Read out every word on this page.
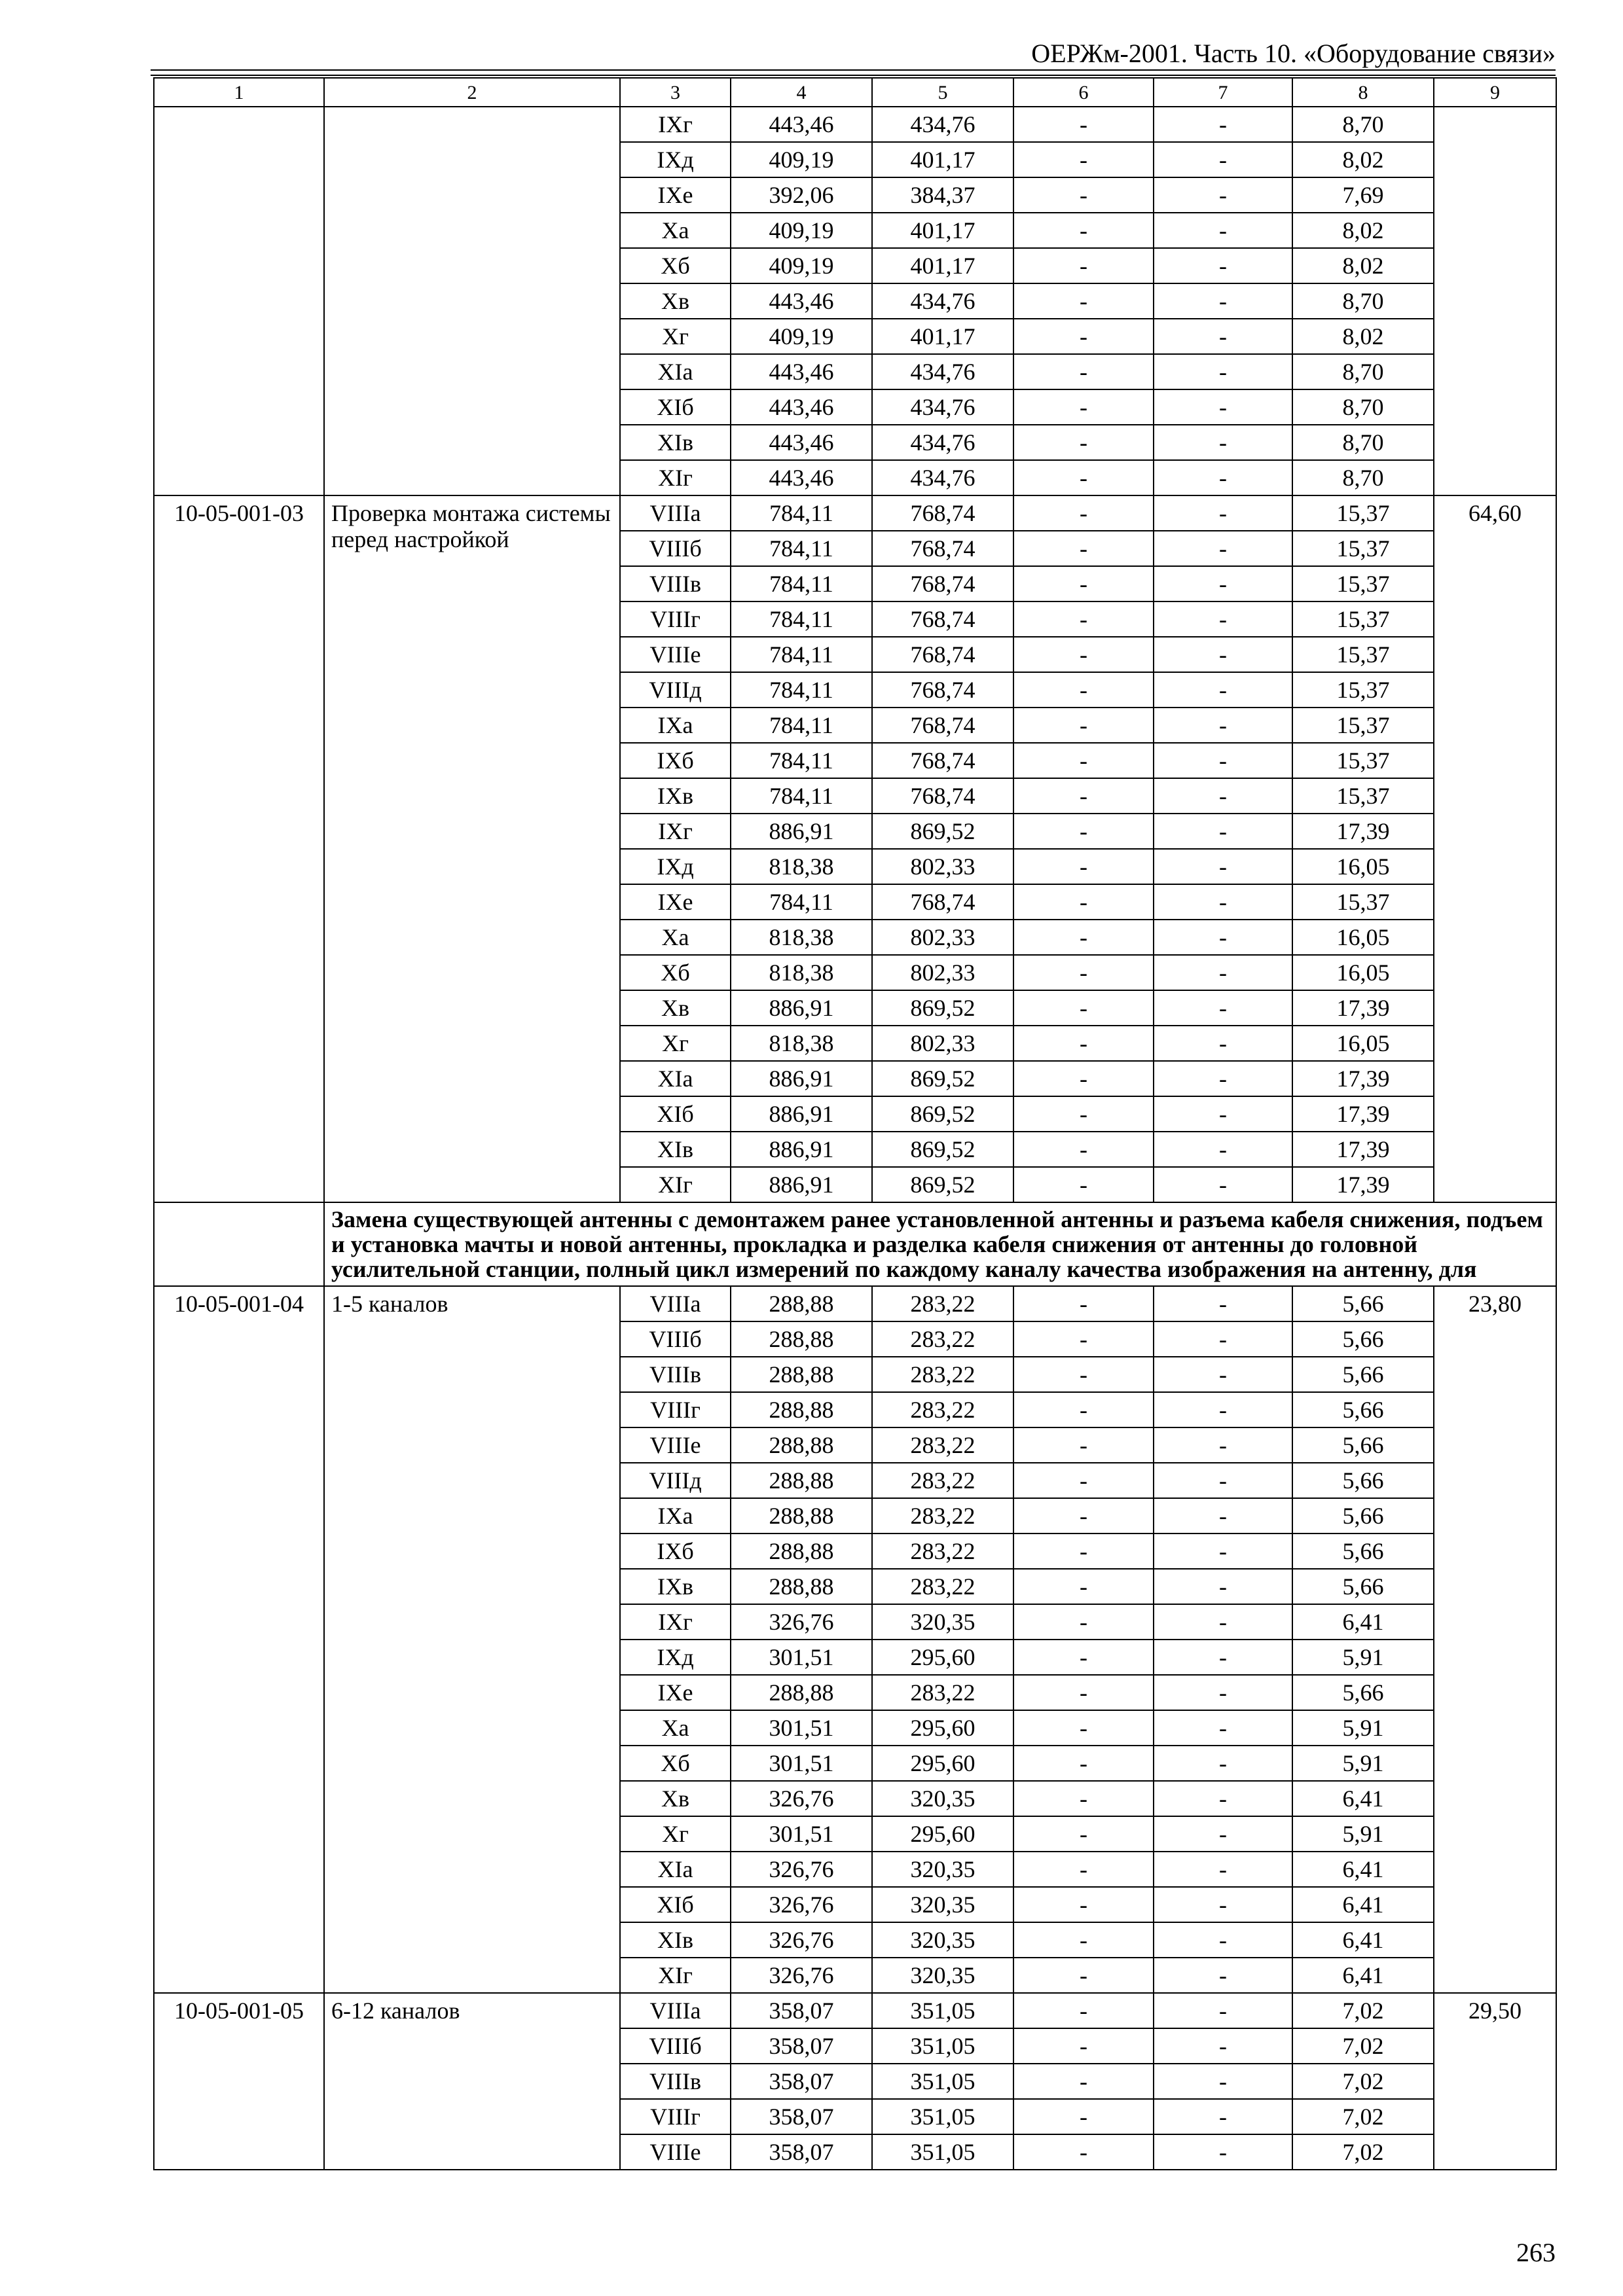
ОЕРЖм-2001. Часть 10. «Оборудование связи»
1	2	3	4	5	6	7	8	9
		IXг	443,46	434,76	-	-	8,70	
		IXд	409,19	401,17	-	-	8,02	
		IXе	392,06	384,37	-	-	7,69	
		Xа	409,19	401,17	-	-	8,02	
		Xб	409,19	401,17	-	-	8,02	
		Xв	443,46	434,76	-	-	8,70	
		Xг	409,19	401,17	-	-	8,02	
		XIа	443,46	434,76	-	-	8,70	
		XIб	443,46	434,76	-	-	8,70	
		XIв	443,46	434,76	-	-	8,70	
		XIг	443,46	434,76	-	-	8,70	
10-05-001-03	Проверка монтажа системы перед настройкой	VIIIа	784,11	768,74	-	-	15,37	64,60
		VIIIб	784,11	768,74	-	-	15,37	
		VIIIв	784,11	768,74	-	-	15,37	
		VIIIг	784,11	768,74	-	-	15,37	
		VIIIе	784,11	768,74	-	-	15,37	
		VIIIд	784,11	768,74	-	-	15,37	
		IXа	784,11	768,74	-	-	15,37	
		IXб	784,11	768,74	-	-	15,37	
		IXв	784,11	768,74	-	-	15,37	
		IXг	886,91	869,52	-	-	17,39	
		IXд	818,38	802,33	-	-	16,05	
		IXе	784,11	768,74	-	-	15,37	
		Xа	818,38	802,33	-	-	16,05	
		Xб	818,38	802,33	-	-	16,05	
		Xв	886,91	869,52	-	-	17,39	
		Xг	818,38	802,33	-	-	16,05	
		XIа	886,91	869,52	-	-	17,39	
		XIб	886,91	869,52	-	-	17,39	
		XIв	886,91	869,52	-	-	17,39	
		XIг	886,91	869,52	-	-	17,39	
	Замена существующей антенны с демонтажем ранее установленной антенны и разъема кабеля снижения, подъем и установка мачты и новой антенны, прокладка и разделка кабеля снижения от антенны до головной усилительной станции, полный цикл измерений по каждому каналу качества изображения на антенну, для							
10-05-001-04	1-5 каналов	VIIIа	288,88	283,22	-	-	5,66	23,80
		VIIIб	288,88	283,22	-	-	5,66	
		VIIIв	288,88	283,22	-	-	5,66	
		VIIIг	288,88	283,22	-	-	5,66	
		VIIIе	288,88	283,22	-	-	5,66	
		VIIIд	288,88	283,22	-	-	5,66	
		IXа	288,88	283,22	-	-	5,66	
		IXб	288,88	283,22	-	-	5,66	
		IXв	288,88	283,22	-	-	5,66	
		IXг	326,76	320,35	-	-	6,41	
		IXд	301,51	295,60	-	-	5,91	
		IXе	288,88	283,22	-	-	5,66	
		Xа	301,51	295,60	-	-	5,91	
		Xб	301,51	295,60	-	-	5,91	
		Xв	326,76	320,35	-	-	6,41	
		Xг	301,51	295,60	-	-	5,91	
		XIа	326,76	320,35	-	-	6,41	
		XIб	326,76	320,35	-	-	6,41	
		XIв	326,76	320,35	-	-	6,41	
		XIг	326,76	320,35	-	-	6,41	
10-05-001-05	6-12 каналов	VIIIа	358,07	351,05	-	-	7,02	29,50
		VIIIб	358,07	351,05	-	-	7,02	
		VIIIв	358,07	351,05	-	-	7,02	
		VIIIг	358,07	351,05	-	-	7,02	
		VIIIе	358,07	351,05	-	-	7,02	
263
